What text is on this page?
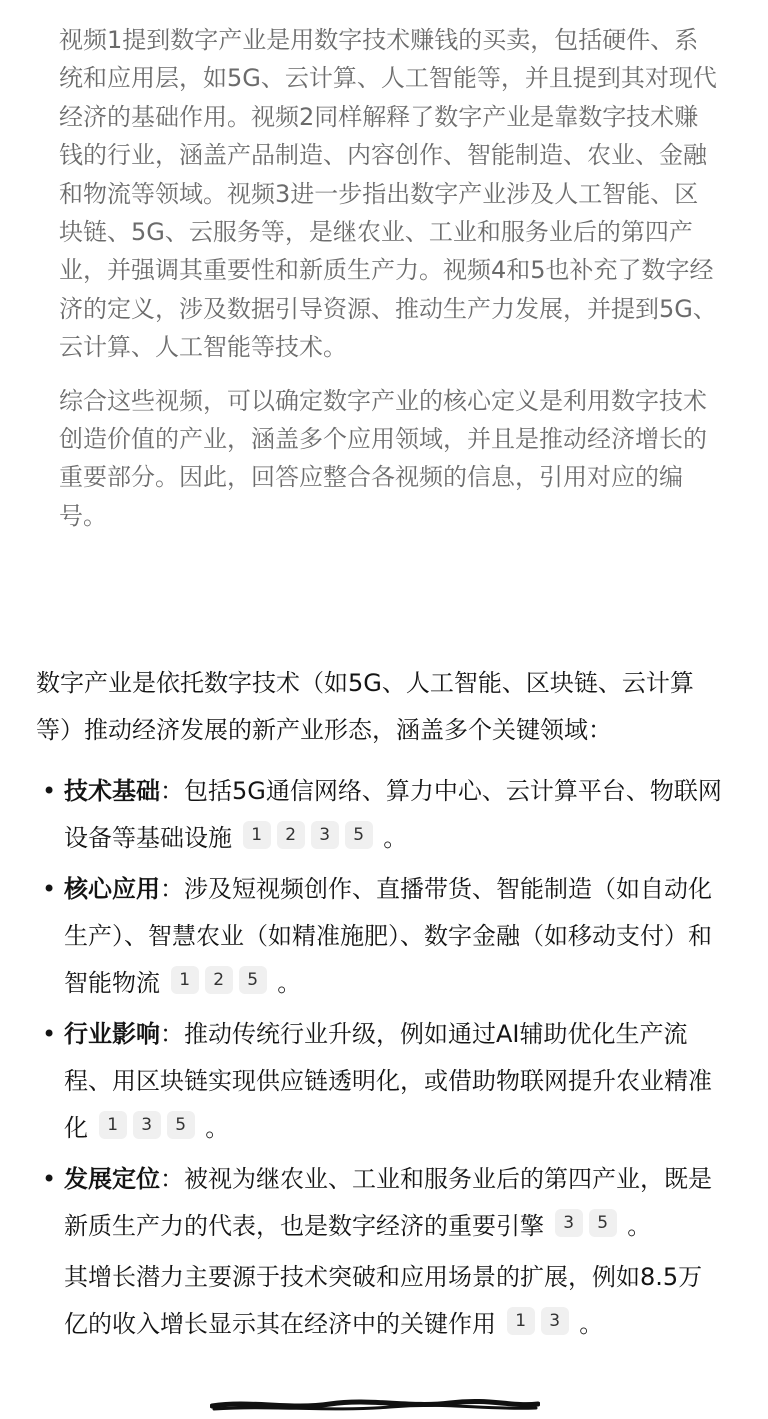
视频1提到数字产业是用数字技术赚钱的买卖，包括硬件、系统和应用层，如5G、云计算、人工智能等，并且提到其对现代经济的基础作用。视频2同样解释了数字产业是靠数字技术赚钱的行业，涵盖产品制造、内容创作、智能制造、农业、金融和物流等领域。视频3进一步指出数字产业涉及人工智能、区块链、5G、云服务等，是继农业、工业和服务业后的第四产业，并强调其重要性和新质生产力。视频4和5也补充了数字经济的定义，涉及数据引导资源、推动生产力发展，并提到5G、云计算、人工智能等技术。

综合这些视频，可以确定数字产业的核心定义是利用数字技术创造价值的产业，涵盖多个应用领域，并且是推动经济增长的重要部分。因此，回答应整合各视频的信息，引用对应的编号。

数字产业是依托数字技术（如5G、人工智能、区块链、云计算等）推动经济发展的新产业形态，涵盖多个关键领域：

• 技术基础：包括5G通信网络、算力中心、云计算平台、物联网设备等基础设施 1 2 3 5 。
• 核心应用：涉及短视频创作、直播带货、智能制造（如自动化生产）、智慧农业（如精准施肥）、数字金融（如移动支付）和智能物流 1 2 5 。
• 行业影响：推动传统行业升级，例如通过AI辅助优化生产流程、用区块链实现供应链透明化，或借助物联网提升农业精准化 1 3 5 。
• 发展定位：被视为继农业、工业和服务业后的第四产业，既是新质生产力的代表，也是数字经济的重要引擎 3 5 。

其增长潜力主要源于技术突破和应用场景的扩展，例如8.5万亿的收入增长显示其在经济中的关键作用 1 3 。
